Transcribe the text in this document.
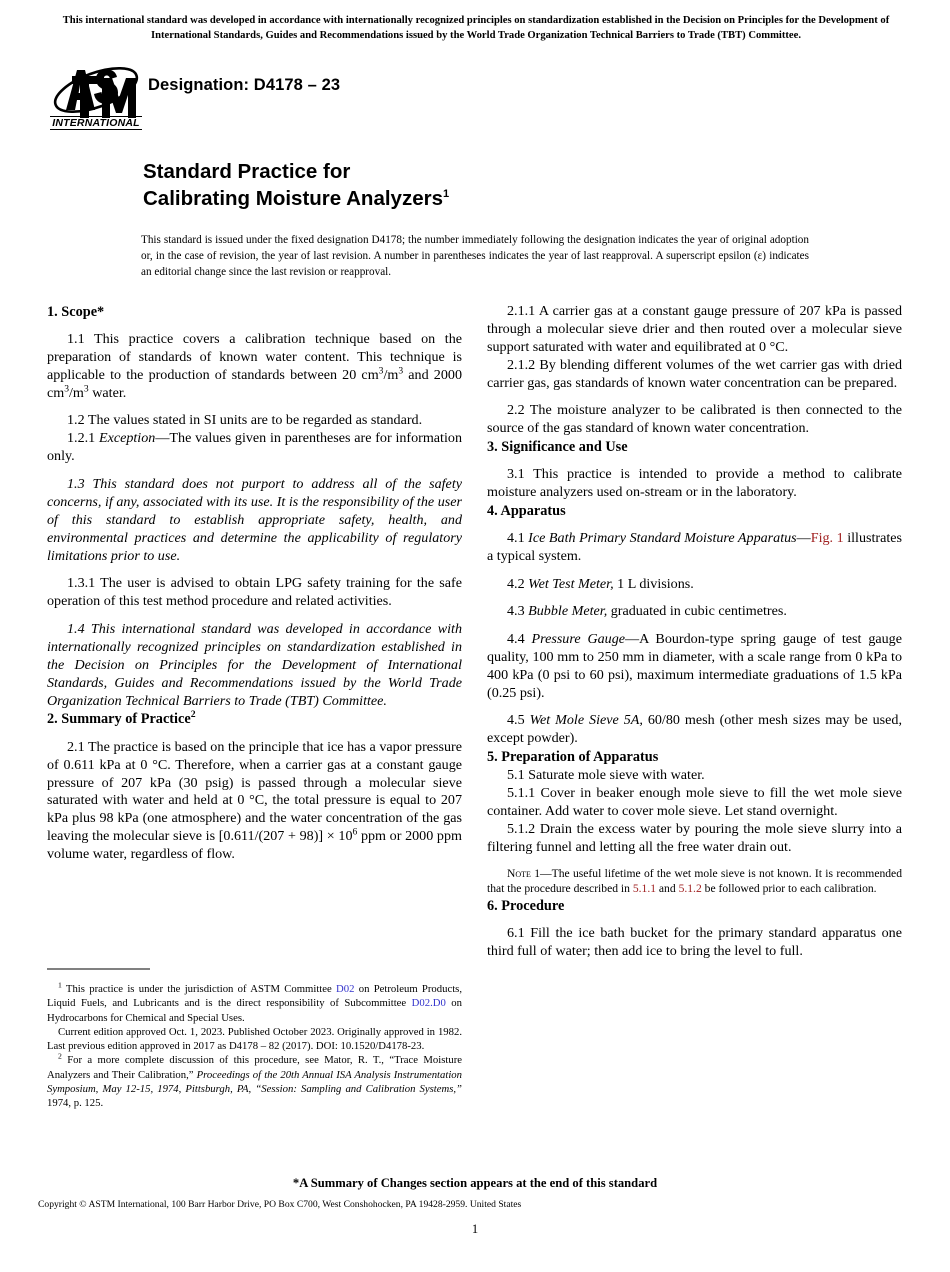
This international standard was developed in accordance with internationally recognized principles on standardization established in the Decision on Principles for the Development of International Standards, Guides and Recommendations issued by the World Trade Organization Technical Barriers to Trade (TBT) Committee.
INTERNATIONAL
Designation: D4178 – 23
Standard Practice for
Calibrating Moisture Analyzers$^1$
This standard is issued under the fixed designation D4178; the number immediately following the designation indicates the year of original adoption or, in the case of revision, the year of last revision. A number in parentheses indicates the year of last reapproval. A superscript epsilon (ε) indicates an editorial change since the last revision or reapproval.
1. Scope*

1.1 This practice covers a calibration technique based on the preparation of standards of known water content. This technique is applicable to the production of standards between 20 $cm^3/m^3$ and 2000 $cm^3/m^3$ water.

1.2 The values stated in SI units are to be regarded as standard.

1.2.1 Exception—The values given in parentheses are for information only.

1.3 This standard does not purport to address all of the safety concerns, if any, associated with its use. It is the responsibility of the user of this standard to establish appropriate safety, health, and environmental practices and determine the applicability of regulatory limitations prior to use.

1.3.1 The user is advised to obtain LPG safety training for the safe operation of this test method procedure and related activities.

1.4 This international standard was developed in accordance with internationally recognized principles on standardization established in the Decision on Principles for the Development of International Standards, Guides and Recommendations issued by the World Trade Organization Technical Barriers to Trade (TBT) Committee.

2. Summary of Practice$^2$

2.1 The practice is based on the principle that ice has a vapor pressure of 0.611 kPa at 0 °C. Therefore, when a carrier gas at a constant gauge pressure of 207 kPa (30 psig) is passed through a molecular sieve saturated with water and held at 0 °C, the total pressure is equal to 207 kPa plus 98 kPa (one atmosphere) and the water concentration of the gas leaving the molecular sieve is $[0.611/(207 + 98)] \times 10^6$ ppm or 2000 ppm volume water, regardless of flow.

2.1.1 A carrier gas at a constant gauge pressure of 207 kPa is passed through a molecular sieve drier and then routed over a molecular sieve support saturated with water and equilibrated at 0 °C.

2.1.2 By blending different volumes of the wet carrier gas with dried carrier gas, gas standards of known water concentration can be prepared.

2.2 The moisture analyzer to be calibrated is then connected to the source of the gas standard of known water concentration.

3. Significance and Use

3.1 This practice is intended to provide a method to calibrate moisture analyzers used on-stream or in the laboratory.

4. Apparatus

4.1 Ice Bath Primary Standard Moisture Apparatus—Fig. 1 illustrates a typical system.

4.2 Wet Test Meter, 1 L divisions.

4.3 Bubble Meter, graduated in cubic centimetres.

4.4 Pressure Gauge—A Bourdon-type spring gauge of test gauge quality, 100 mm to 250 mm in diameter, with a scale range from 0 kPa to 400 kPa (0 psi to 60 psi), maximum intermediate graduations of 1.5 kPa (0.25 psi).

4.5 Wet Mole Sieve 5A, 60/80 mesh (other mesh sizes may be used, except powder).

5. Preparation of Apparatus

5.1 Saturate mole sieve with water.

5.1.1 Cover in beaker enough mole sieve to fill the wet mole sieve container. Add water to cover mole sieve. Let stand overnight.

5.1.2 Drain the excess water by pouring the mole sieve slurry into a filtering funnel and letting all the free water drain out.

Note 1—The useful lifetime of the wet mole sieve is not known. It is recommended that the procedure described in 5.1.1 and 5.1.2 be followed prior to each calibration.

6. Procedure

6.1 Fill the ice bath bucket for the primary standard apparatus one third full of water; then add ice to bring the level to full.

$^1$ This practice is under the jurisdiction of ASTM Committee D02 on Petroleum Products, Liquid Fuels, and Lubricants and is the direct responsibility of Subcommittee D02.D0 on Hydrocarbons for Chemical and Special Uses.

Current edition approved Oct. 1, 2023. Published October 2023. Originally approved in 1982. Last previous edition approved in 2017 as D4178 – 82 (2017). DOI: 10.1520/D4178-23.

$^2$ For a more complete discussion of this procedure, see Mator, R. T., “Trace Moisture Analyzers and Their Calibration,” Proceedings of the 20th Annual ISA Analysis Instrumentation Symposium, May 12-15, 1974, Pittsburgh, PA, “Session: Sampling and Calibration Systems,” 1974, p. 125.

*A Summary of Changes section appears at the end of this standard
Copyright © ASTM International, 100 Barr Harbor Drive, PO Box C700, West Conshohocken, PA 19428-2959. United States
1
